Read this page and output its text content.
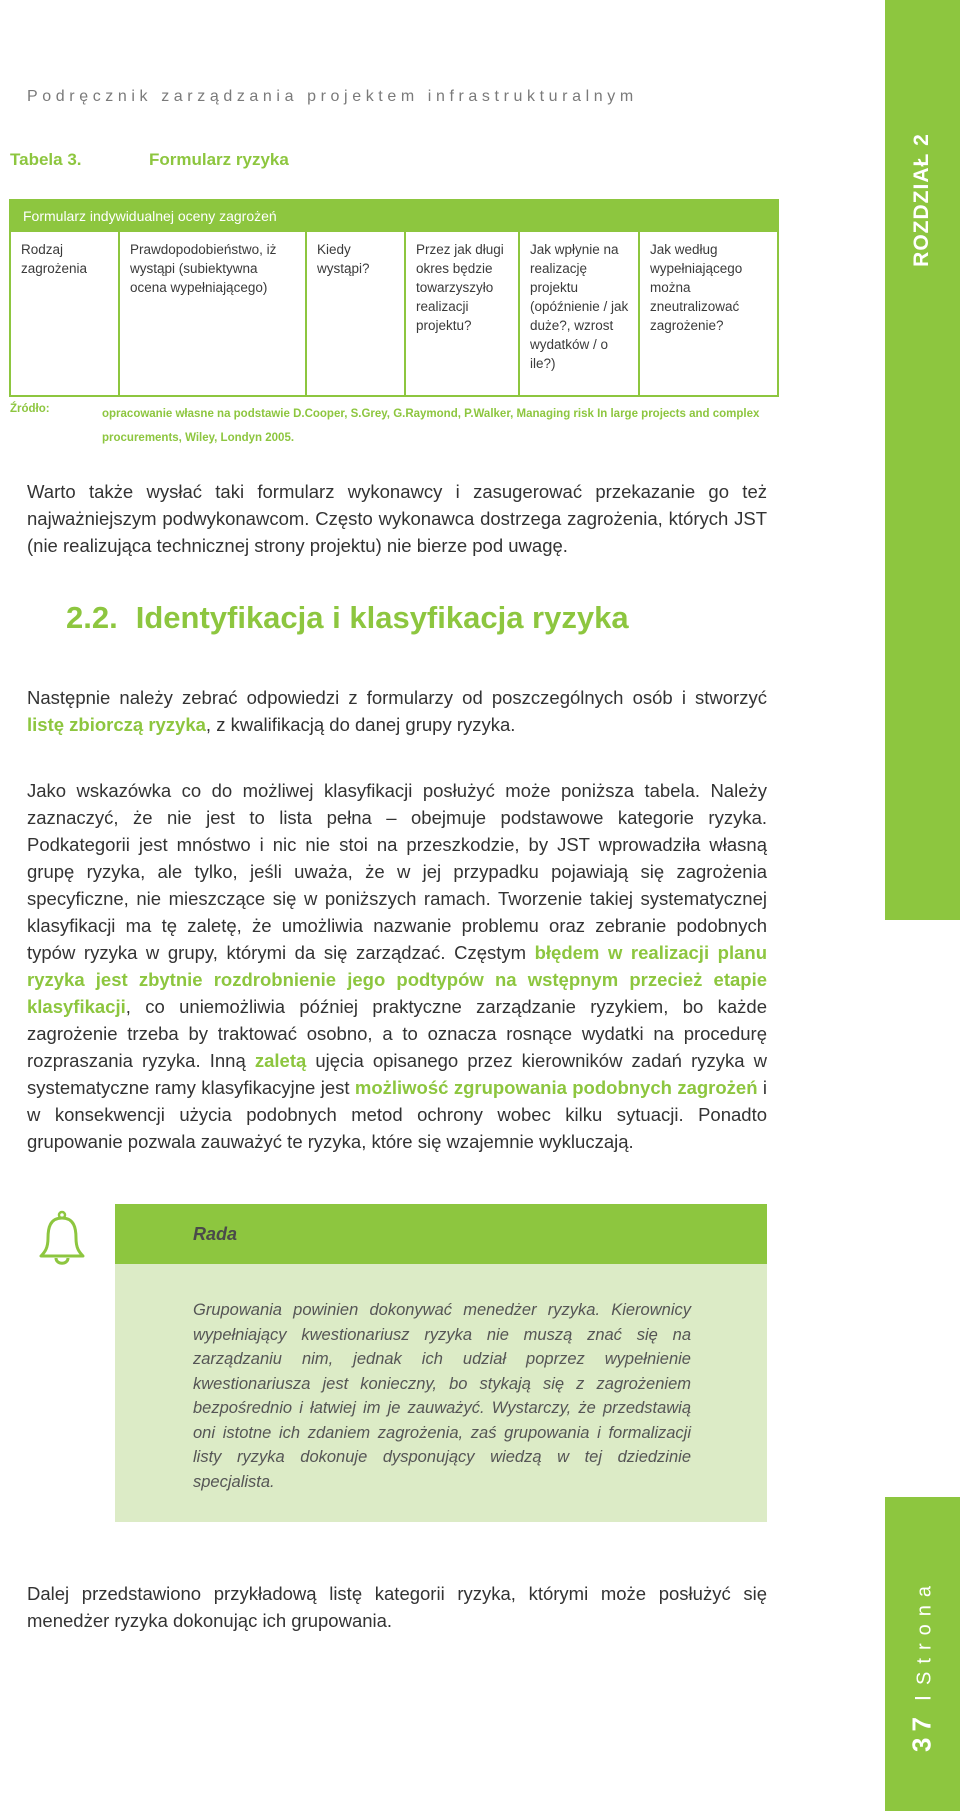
ROZDZIAŁ 2
37IStrona
Podręcznik zarządzania projektem infrastrukturalnym
Tabela 3.	Formularz ryzyka
Formularz indywidualnej oceny zagrożeń
Rodzaj zagrożenia
Prawdopodobieństwo, iż wystąpi (subiektywna ocena wypełniającego)
Kiedy wystąpi?
Przez jak długi okres będzie towarzyszyło realizacji projektu?
Jak wpłynie na realizację projektu (opóźnienie / jak duże?, wzrost wydatków / o ile?)
Jak według wypełniającego można zneutralizować zagrożenie?
Źródło:	opracowanie własne na podstawie D.Cooper, S.Grey, G.Raymond, P.Walker, Managing risk In large projects and complex procurements, Wiley, Londyn 2005.
Warto także wysłać taki formularz wykonawcy i zasugerować przekazanie go też najważniejszym podwykonawcom. Często wykonawca dostrzega zagrożenia, których JST (nie realizująca technicznej strony projektu) nie bierze pod uwagę.
2.2. Identyfikacja i klasyfikacja ryzyka
Następnie należy zebrać odpowiedzi z formularzy od poszczególnych osób i stworzyć listę zbiorczą ryzyka, z kwalifikacją do danej grupy ryzyka.
Jako wskazówka co do możliwej klasyfikacji posłużyć może poniższa tabela. Należy zaznaczyć, że nie jest to lista pełna – obejmuje podstawowe kategorie ryzyka. Podkategorii jest mnóstwo i nic nie stoi na przeszkodzie, by JST wprowadziła własną grupę ryzyka, ale tylko, jeśli uważa, że w jej przypadku pojawiają się zagrożenia specyficzne, nie mieszczące się w poniższych ramach. Tworzenie takiej systematycznej klasyfikacji ma tę zaletę, że umożliwia nazwanie problemu oraz zebranie podobnych typów ryzyka w grupy, którymi da się zarządzać. Częstym błędem w realizacji planu ryzyka jest zbytnie rozdrobnienie jego podtypów na wstępnym przecież etapie klasyfikacji, co uniemożliwia później praktyczne zarządzanie ryzykiem, bo każde zagrożenie trzeba by traktować osobno, a to oznacza rosnące wydatki na procedurę rozpraszania ryzyka. Inną zaletą ujęcia opisanego przez kierowników zadań ryzyka w systematyczne ramy klasyfikacyjne jest możliwość zgrupowania podobnych zagrożeń i w konsekwencji użycia podobnych metod ochrony wobec kilku sytuacji. Ponadto grupowanie pozwala zauważyć te ryzyka, które się wzajemnie wykluczają.
Rada
Grupowania powinien dokonywać menedżer ryzyka. Kierownicy wypełniający kwestionariusz ryzyka nie muszą znać się na zarządzaniu nim, jednak ich udział poprzez wypełnienie kwestionariusza jest konieczny, bo stykają się z zagrożeniem bezpośrednio i łatwiej im je zauważyć. Wystarczy, że przedstawią oni istotne ich zdaniem zagrożenia, zaś grupowania i formalizacji listy ryzyka dokonuje dysponujący wiedzą w tej dziedzinie specjalista.
Dalej przedstawiono przykładową listę kategorii ryzyka, którymi może posłużyć się menedżer ryzyka dokonując ich grupowania.
